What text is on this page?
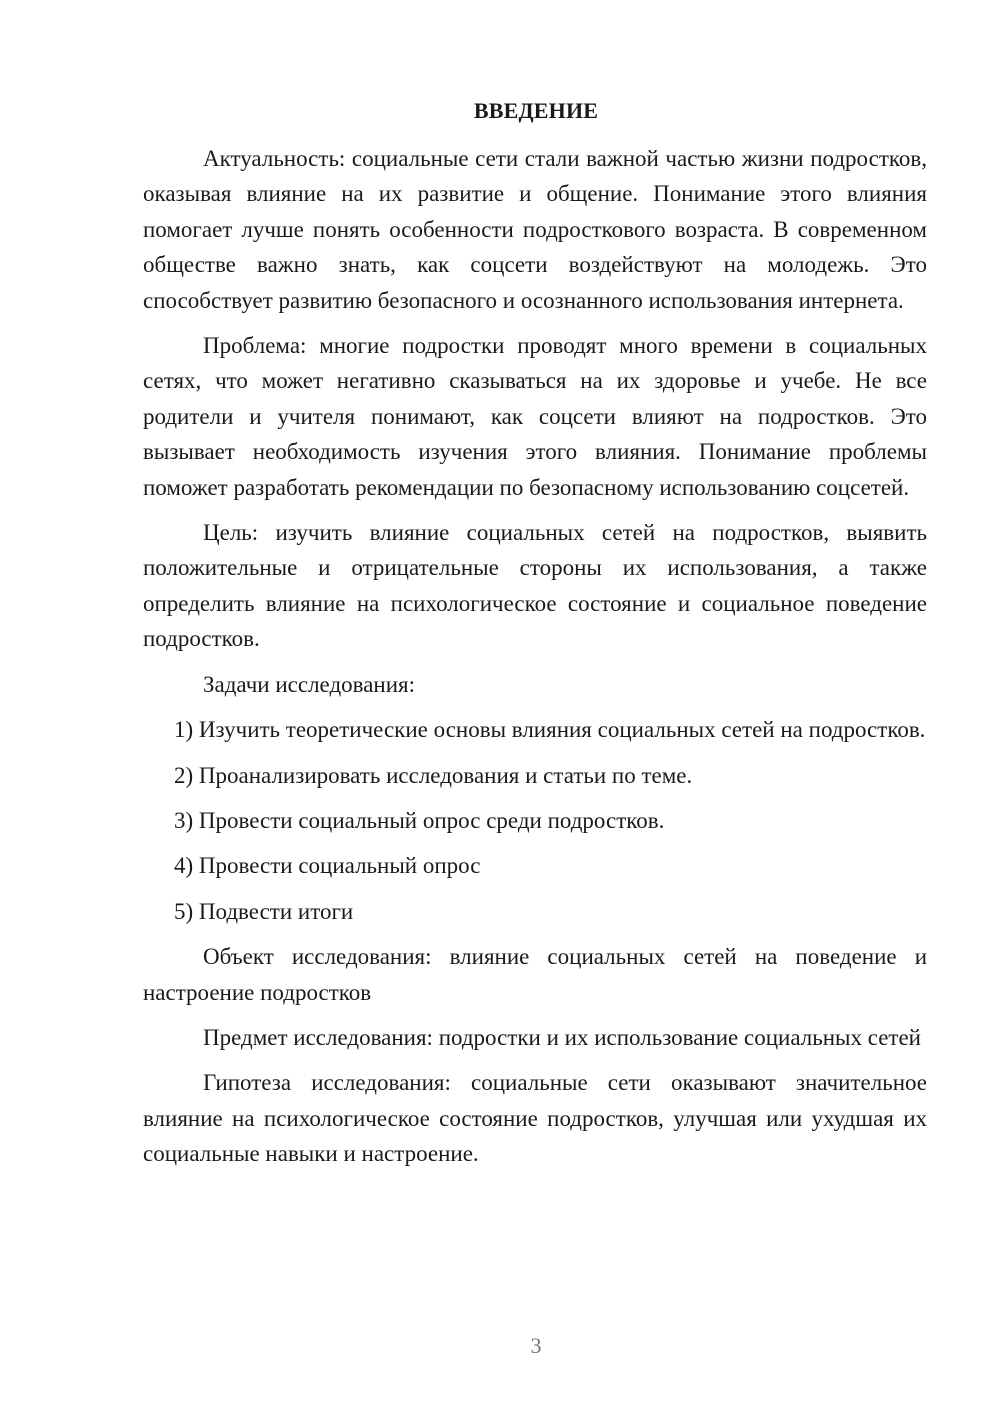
ВВЕДЕНИЕ

Актуальность: социальные сети стали важной частью жизни подростков, оказывая влияние на их развитие и общение. Понимание этого влияния помогает лучше понять особенности подросткового возраста. В современном обществе важно знать, как соцсети воздействуют на молодежь. Это способствует развитию безопасного и осознанного использования интернета.

Проблема: многие подростки проводят много времени в социальных сетях, что может негативно сказываться на их здоровье и учебе. Не все родители и учителя понимают, как соцсети влияют на подростков. Это вызывает необходимость изучения этого влияния. Понимание проблемы поможет разработать рекомендации по безопасному использованию соцсетей.

Цель: изучить влияние социальных сетей на подростков, выявить положительные и отрицательные стороны их использования, а также определить влияние на психологическое состояние и социальное поведение подростков.

Задачи исследования:

1) Изучить теоретические основы влияния социальных сетей на подростков.

2) Проанализировать исследования и статьи по теме.

3) Провести социальный опрос среди подростков.

4) Провести социальный опрос

5) Подвести итоги

Объект исследования: влияние социальных сетей на поведение и настроение подростков

Предмет исследования: подростки и их использование социальных сетей

Гипотеза исследования: социальные сети оказывают значительное влияние на психологическое состояние подростков, улучшая или ухудшая их социальные навыки и настроение.

3
